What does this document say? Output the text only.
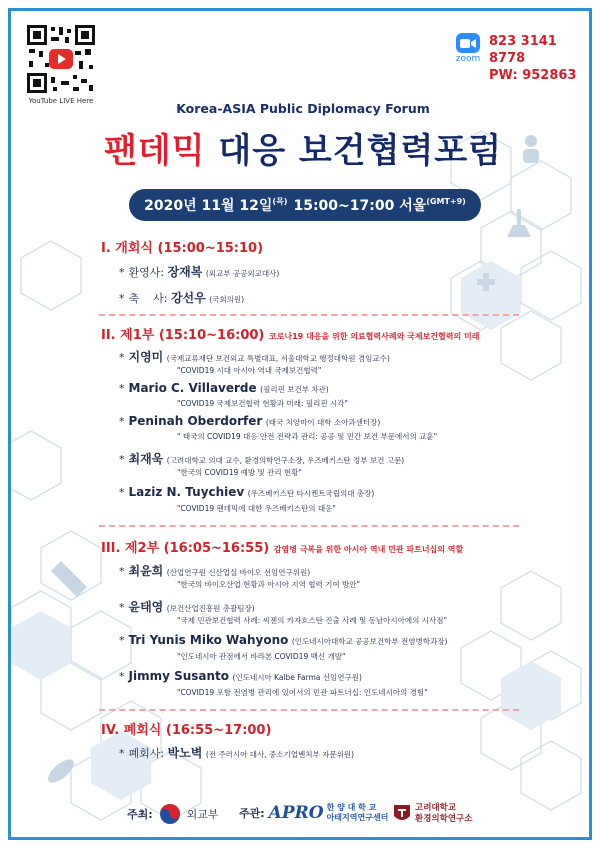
YouTube LIVE Here
zoom
823 3141 8778
PW: 952863
Korea-ASIA Public Diplomacy Forum
팬데믹 대응 보건협력포럼
2020년 11월 12일$^{(목)}$ 15:00~17:00 서울$^{(GMT+9)}$
I. 개회식 (15:00~15:10)
* 환영사: 장재복 (외교부 공공외교대사)
* 축    사: 강선우 (국회의원)
II. 제1부 (15:10~16:00) 코로나19 대응을 위한 의료협력사례와 국제보건협력의 미래
* 지영미 (국제교류재단 보건외교 특별대표, 서울대학교 행정대학원 겸임교수)
"COVID19 시대 아시아 역내 국제보건협력"
* Mario C. Villaverde (필리핀 보건부 차관)
"COVID19 국제보건협력 현황과 미래: 필리핀 시각"
* Peninah Oberdorfer (태국 치앙마이 대학 소아과센터장)
" 태국의 COVID19 대응 안전 전략과 관리: 공공 및 민간 보건 부문에서의 교훈"
* 최재욱 (고려대학교 의대 교수, 환경의학연구소장, 우즈베키스탄 정부 보건 고문)
"한국의 COVID19 예방 및 관리 현황"
* Laziz N. Tuychiev (우즈베키스탄 타시켄트국립의대 총장)
"COVID19 팬데믹에 대한 우즈베키스탄의 대응"
III. 제2부 (16:05~16:55) 감염병 극복을 위한 아시아 역내 민관 파트너십의 역할
* 최윤희 (산업연구원 신산업실 바이오 선임연구위원)
"한국의 바이오산업 현황과 아시아 지역 협력 기여 방안"
* 윤태영 (보건산업진흥원 총괄팀장)
"국제 민관보건협력 사례: 씨젠의 카자흐스탄 진출 사례 및 동남아시아에의 시사점"
* Tri Yunis Miko Wahyono (인도네시아대학교 공공보건학부 전염병학과장)
"인도네시아 관점에서 바라본 COVID19 백신 개발"
* Jimmy Susanto (인도네시아 Kalbe Farma 선임연구원)
"COVID19 포함 전염병 관리에 있어서의 민관 파트너십: 인도네시아의 경험"
IV. 폐회식 (16:55~17:00)
* 폐회사: 박노벽 (전 주러시아 대사, 중소기업벤처부 자문위원)
주최:	외교부 주관: APRO 한 양 대 학 교
아태지역연구센터
고려대학교
환경의학연구소
